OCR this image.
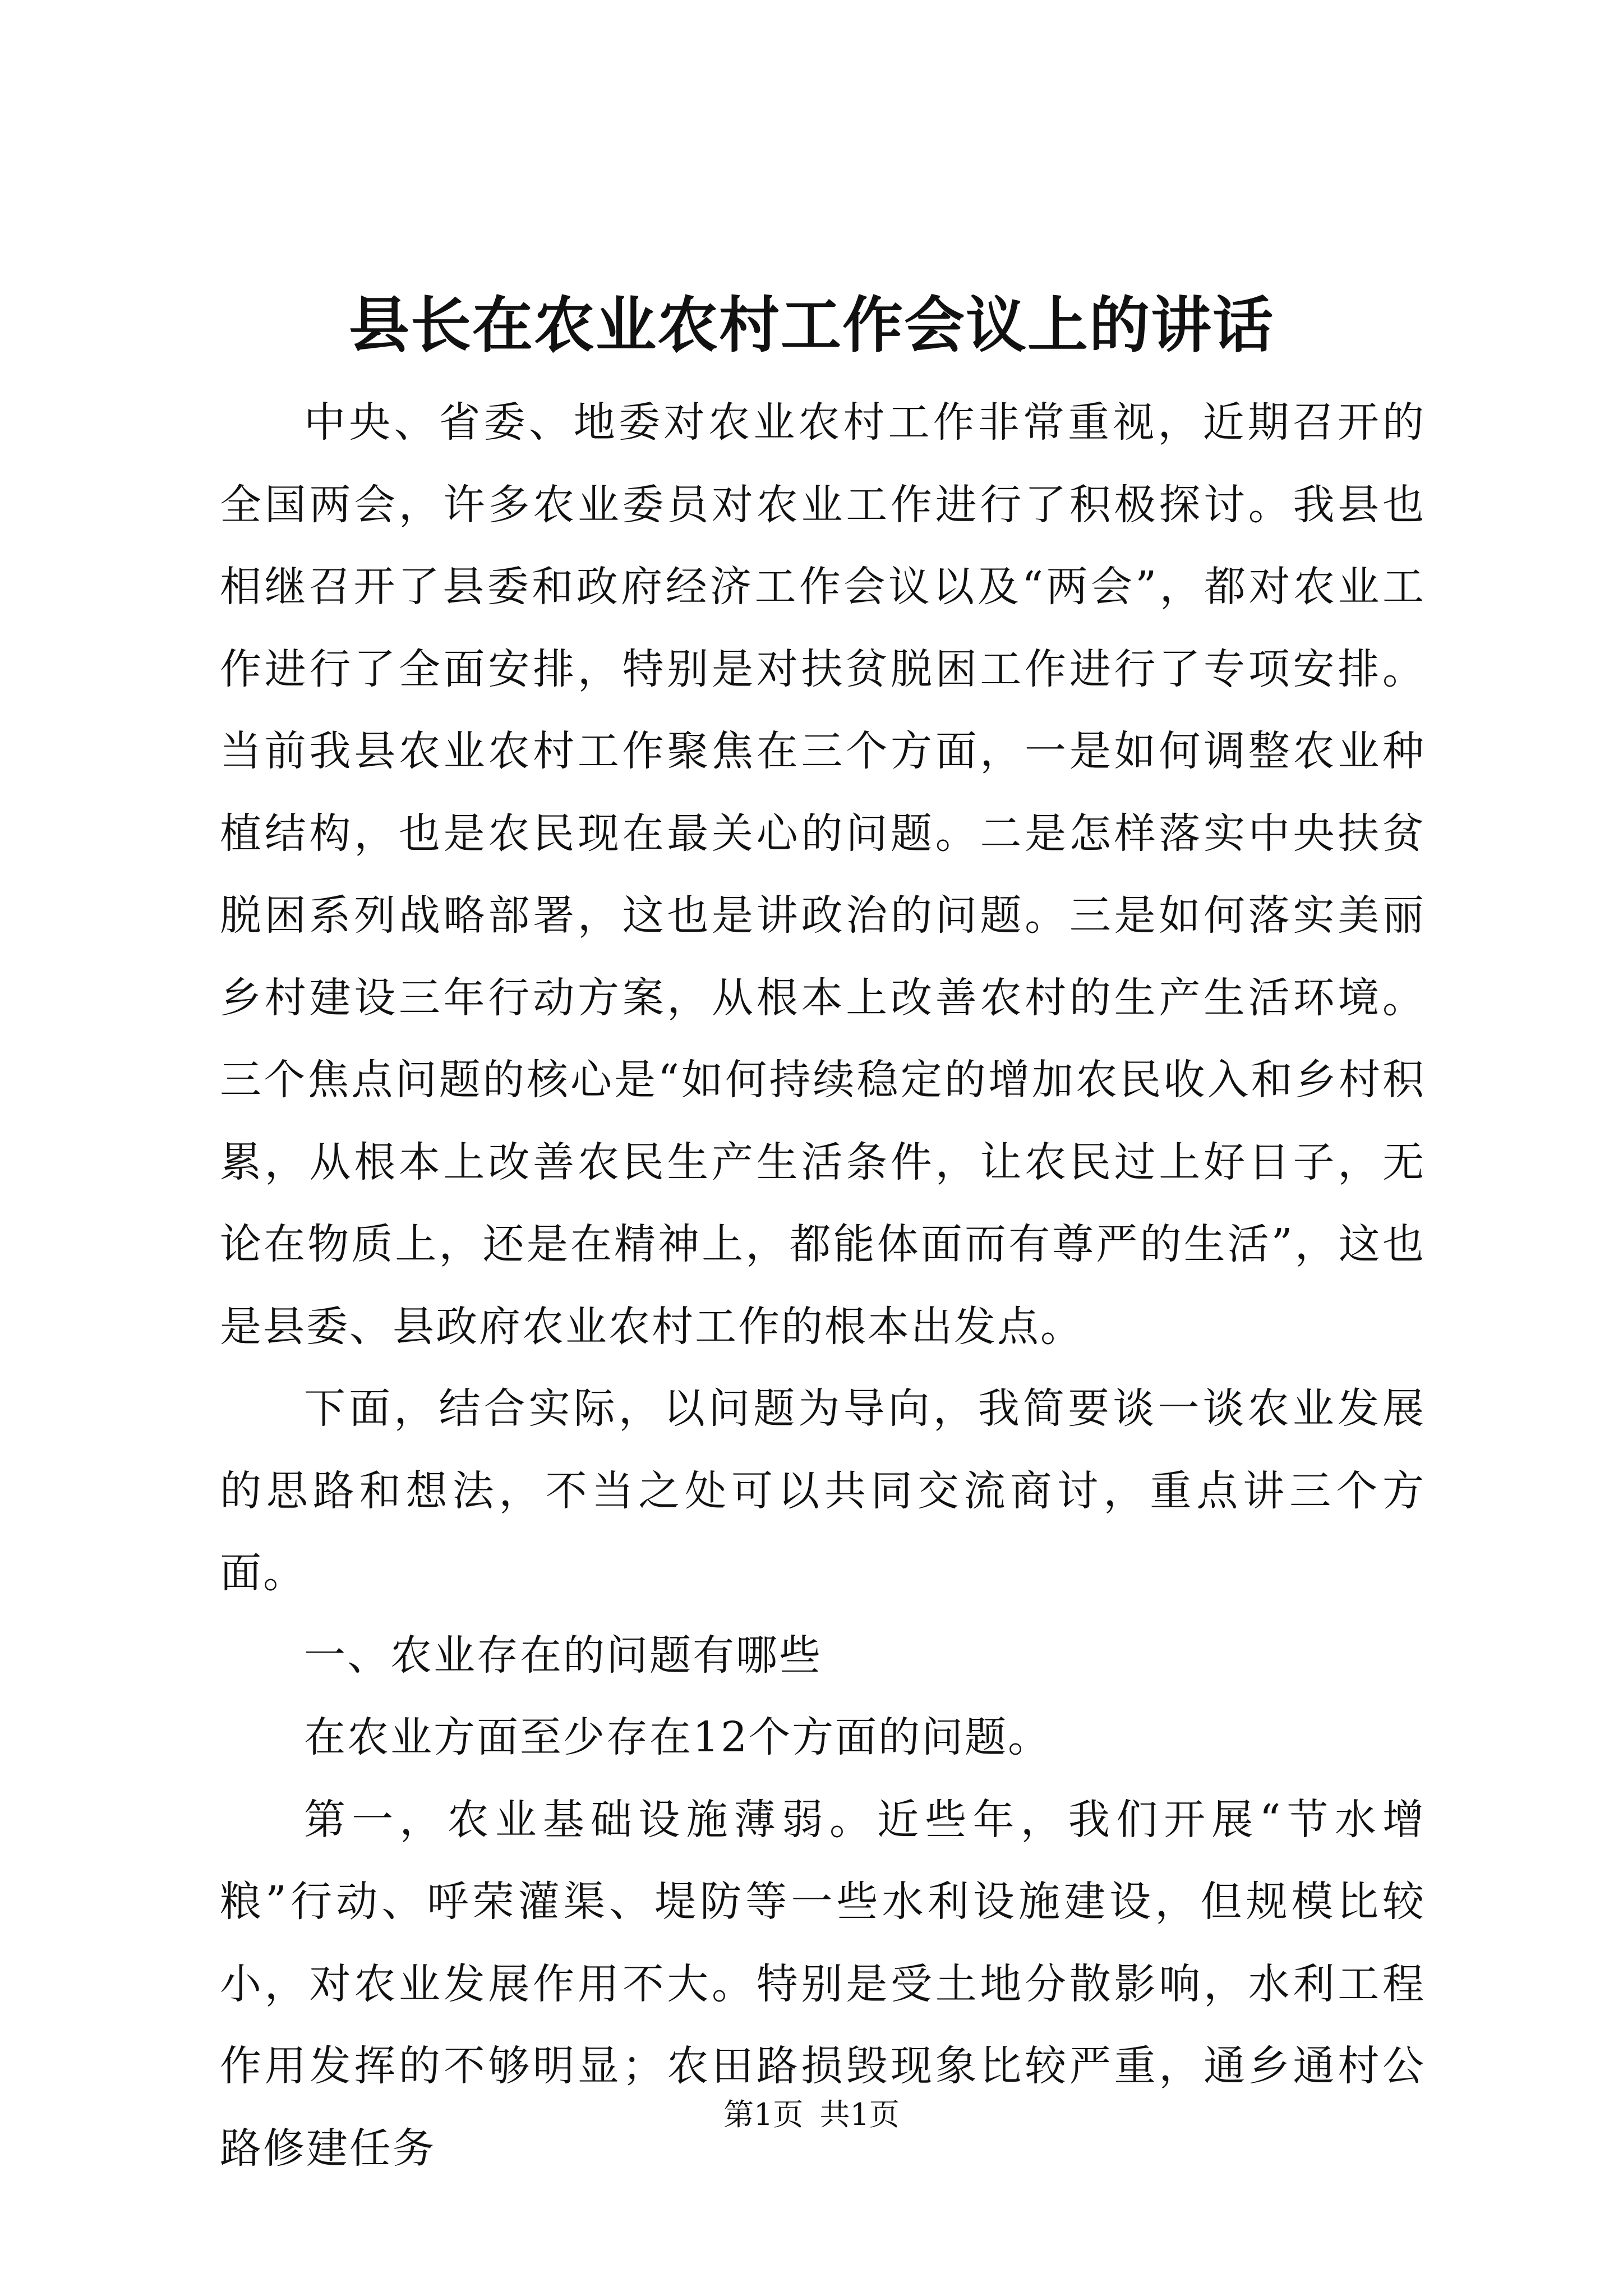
县长在农业农村工作会议上的讲话

中央、省委、地委对农业农村工作非常重视，近期召开的全国两会，许多农业委员对农业工作进行了积极探讨。我县也相继召开了县委和政府经济工作会议以及“两会”，都对农业工作进行了全面安排，特别是对扶贫脱困工作进行了专项安排。当前我县农业农村工作聚焦在三个方面，一是如何调整农业种植结构，也是农民现在最关心的问题。二是怎样落实中央扶贫脱困系列战略部署，这也是讲政治的问题。三是如何落实美丽乡村建设三年行动方案，从根本上改善农村的生产生活环境。三个焦点问题的核心是“如何持续稳定的增加农民收入和乡村积累，从根本上改善农民生产生活条件，让农民过上好日子，无论在物质上，还是在精神上，都能体面而有尊严的生活”，这也是县委、县政府农业农村工作的根本出发点。

下面，结合实际，以问题为导向，我简要谈一谈农业发展的思路和想法，不当之处可以共同交流商讨，重点讲三个方面。

一、农业存在的问题有哪些

在农业方面至少存在12个方面的问题。

第一，农业基础设施薄弱。近些年，我们开展“节水增粮”行动、呼荣灌渠、堤防等一些水利设施建设，但规模比较小，对农业发展作用不大。特别是受土地分散影响，水利工程作用发挥的不够明显；农田路损毁现象比较严重，通乡通村公路修建任务

第1页 共1页
